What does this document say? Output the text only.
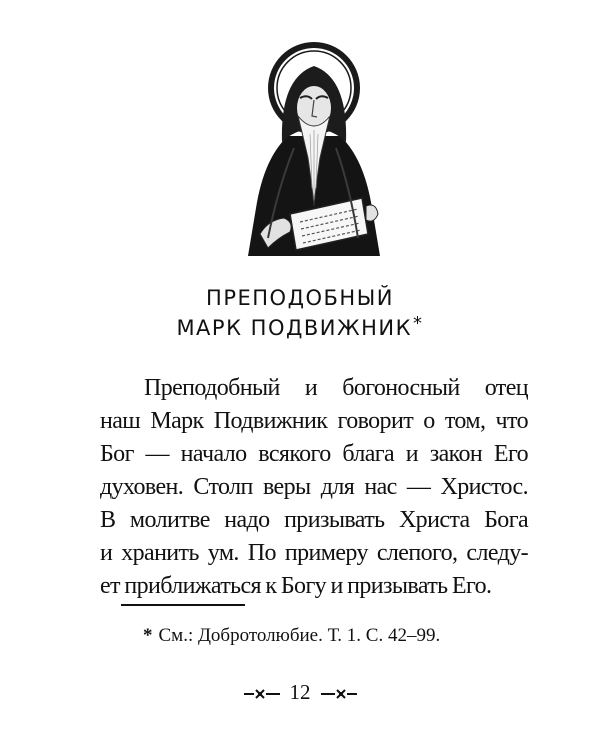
ПРЕПОДОБНЫЙ
МАРК ПОДВИЖНИК*
Преподобный и богоносный отец
наш Марк Подвижник говорит о том, что
Бог — начало всякого блага и закон Его
духовен. Столп веры для нас — Христос.
В молитве надо призывать Христа Бога
и хранить ум. По примеру слепого, следу-
ет приближаться к Богу и призывать Его.
* См.: Добротолюбие. Т. 1. С. 42–99.
12
